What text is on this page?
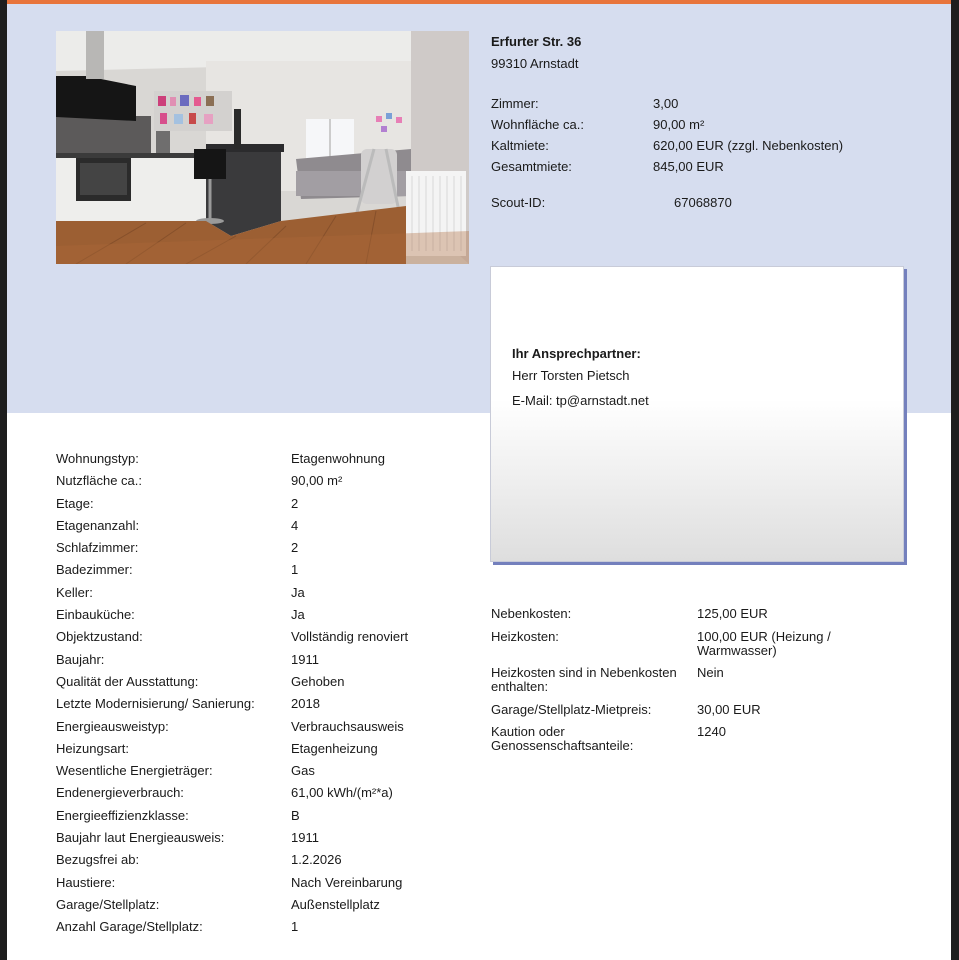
Erfurter Str. 36
99310 Arnstadt
Zimmer:	3,00
Wohnfläche ca.:	90,00 m²
Kaltmiete:	620,00 EUR (zzgl. Nebenkosten)
Gesamtmiete:	845,00 EUR
Scout-ID:	67068870
Ihr Ansprechpartner:
Herr Torsten Pietsch
E-Mail: tp@arnstadt.net
Wohnungstyp:	Etagenwohnung
Nutzfläche ca.:	90,00 m²
Etage:	2
Etagenanzahl:	4
Schlafzimmer:	2
Badezimmer:	1
Keller:	Ja
Einbauküche:	Ja
Objektzustand:	Vollständig renoviert
Baujahr:	1911
Qualität der Ausstattung:	Gehoben
Letzte Modernisierung/ Sanierung:	2018
Energieausweistyp:	Verbrauchsausweis
Heizungsart:	Etagenheizung
Wesentliche Energieträger:	Gas
Endenergieverbrauch:	61,00 kWh/(m²*a)
Energieeffizienzklasse:	B
Baujahr laut Energieausweis:	1911
Bezugsfrei ab:	1.2.2026
Haustiere:	Nach Vereinbarung
Garage/Stellplatz:	Außenstellplatz
Anzahl Garage/Stellplatz:	1
Nebenkosten:	125,00 EUR
Heizkosten:	100,00 EUR (Heizung / Warmwasser)
Heizkosten sind in Nebenkosten enthalten:
Nein
Garage/Stellplatz-Mietpreis:	30,00 EUR
Kaution oder Genossenschaftsanteile:
1240
